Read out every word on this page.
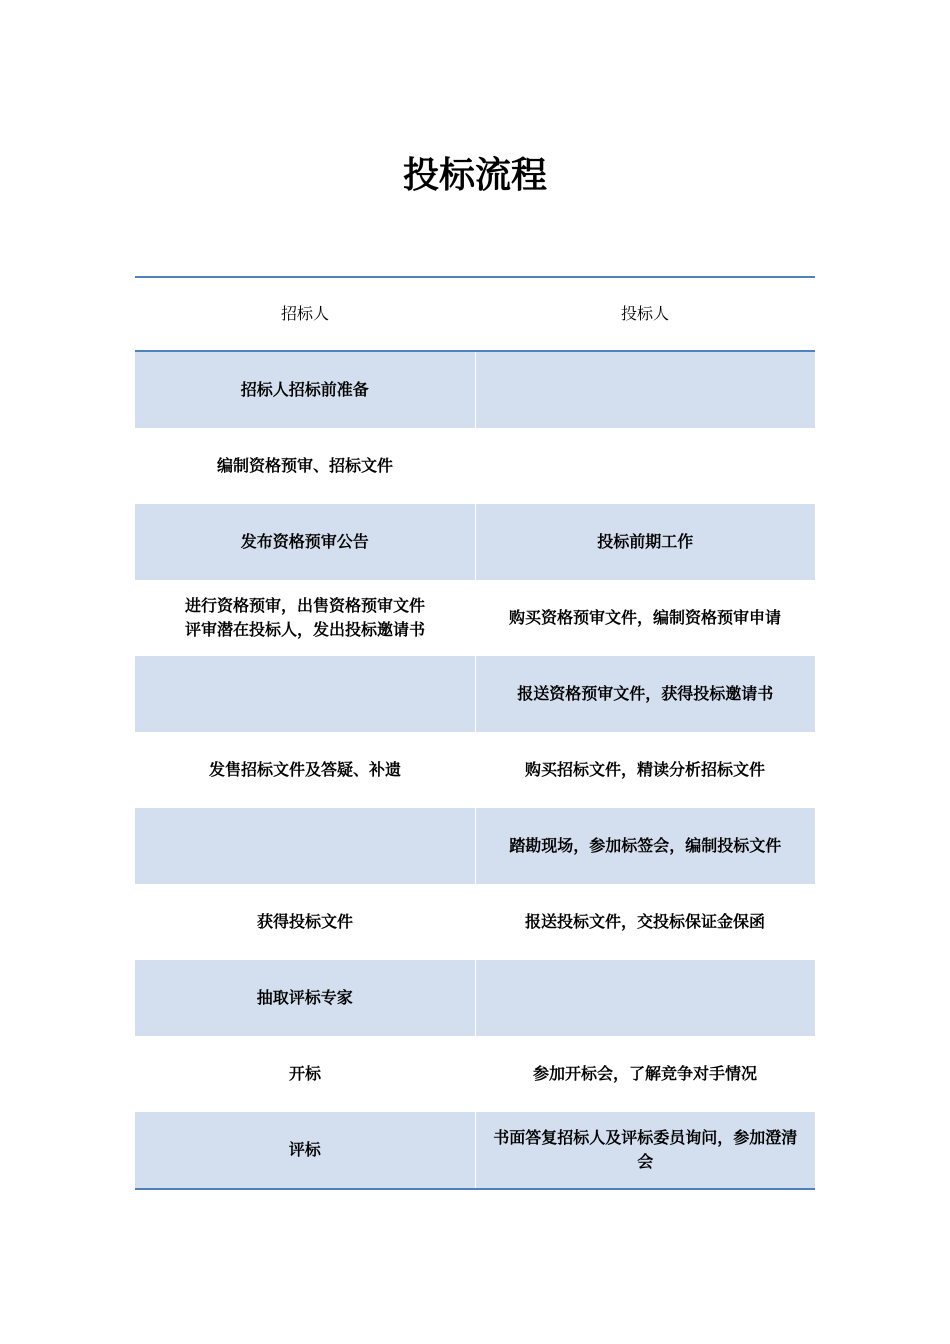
投标流程
招标人	投标人
招标人招标前准备	
编制资格预审、招标文件	
发布资格预审公告	投标前期工作
进行资格预审，出售资格预审文件
评审潜在投标人，发出投标邀请书	购买资格预审文件，编制资格预审申请
	报送资格预审文件，获得投标邀请书
发售招标文件及答疑、补遗	购买招标文件，精读分析招标文件
	踏勘现场，参加标签会，编制投标文件
获得投标文件	报送投标文件，交投标保证金保函
抽取评标专家	
开标	参加开标会，了解竞争对手情况
评标	书面答复招标人及评标委员询问，参加澄清会
